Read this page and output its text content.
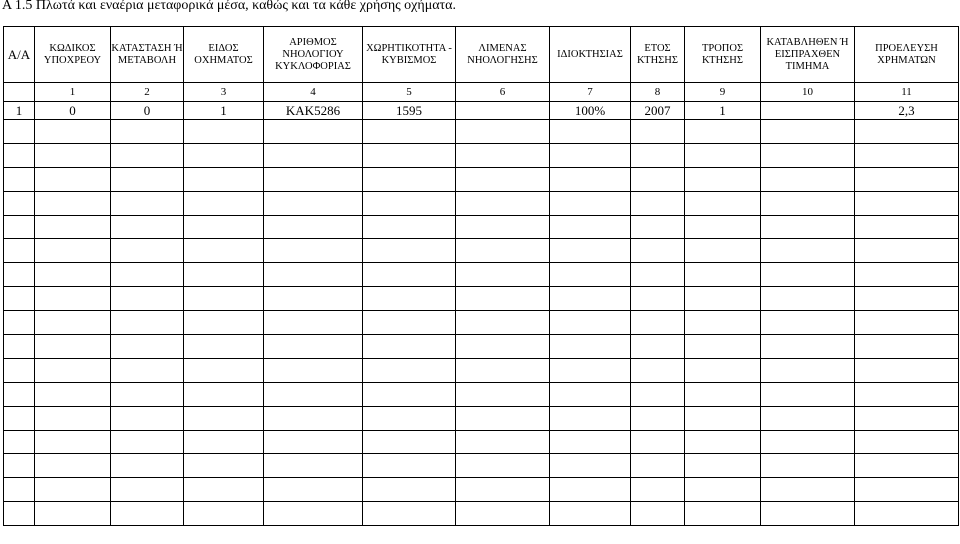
Α 1.5 Πλωτά και εναέρια μεταφορικά μέσα, καθώς και τα κάθε χρήσης οχήματα.
Α/Α	ΚΩΔΙΚΟΣ ΥΠΟΧΡΕΟΥ	ΚΑΤΑΣΤΑΣΗ Ή ΜΕΤΑΒΟΛΗ	ΕΙΔΟΣ ΟΧΗΜΑΤΟΣ	ΑΡΙΘΜΟΣ ΝΗΟΛΟΓΙΟΥ ΚΥΚΛΟΦΟΡΙΑΣ	ΧΩΡΗΤΙΚΟΤΗΤΑ - ΚΥΒΙΣΜΟΣ	ΛΙΜΕΝΑΣ ΝΗΟΛΟΓΗΣΗΣ	ΙΔΙΟΚΤΗΣΙΑΣ	ΕΤΟΣ ΚΤΗΣΗΣ	ΤΡΟΠΟΣ ΚΤΗΣΗΣ	ΚΑΤΑΒΛΗΘΕΝ Ή ΕΙΣΠΡΑΧΘΕΝ ΤΙΜΗΜΑ	ΠΡΟΕΛΕΥΣΗ ΧΡΗΜΑΤΩΝ
	1	2	3	4	5	6	7	8	9	10	11
1	0	0	1	ΚΑΚ5286	1595		100%	2007	1		2,3
